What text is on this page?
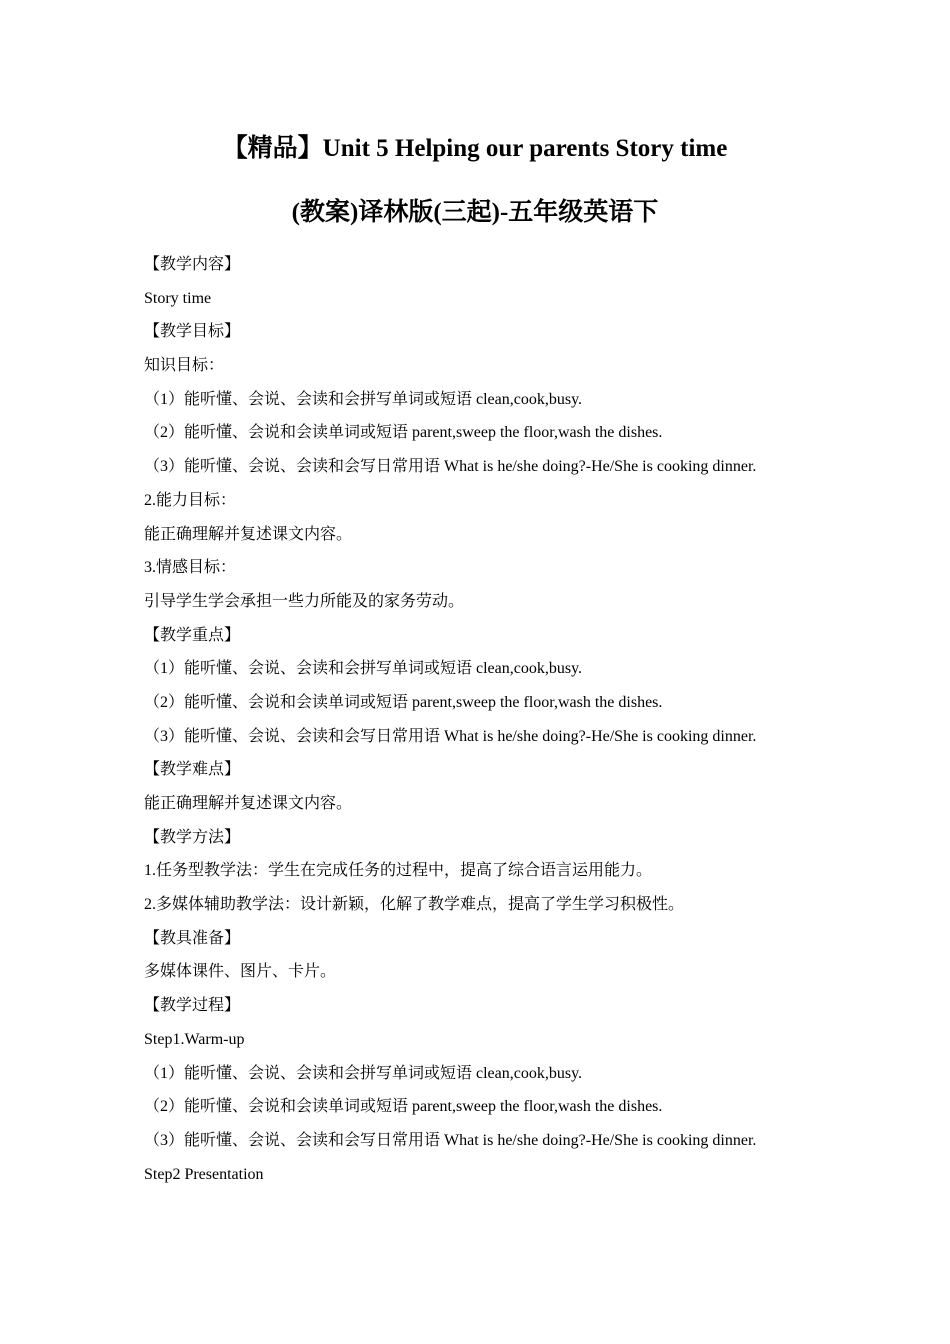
【精品】Unit 5 Helping our parents Story time
(教案)译林版(三起)-五年级英语下
【教学内容】
Story time
【教学目标】
知识目标：
（1）能听懂、会说、会读和会拼写单词或短语 clean,cook,busy.
（2）能听懂、会说和会读单词或短语 parent,sweep the floor,wash the dishes.
（3）能听懂、会说、会读和会写日常用语 What is he/she doing?-He/She is cooking dinner.
2.能力目标：
能正确理解并复述课文内容。
3.情感目标：
引导学生学会承担一些力所能及的家务劳动。
【教学重点】
（1）能听懂、会说、会读和会拼写单词或短语 clean,cook,busy.
（2）能听懂、会说和会读单词或短语 parent,sweep the floor,wash the dishes.
（3）能听懂、会说、会读和会写日常用语 What is he/she doing?-He/She is cooking dinner.
【教学难点】
能正确理解并复述课文内容。
【教学方法】
1.任务型教学法：学生在完成任务的过程中，提高了综合语言运用能力。
2.多媒体辅助教学法：设计新颖，化解了教学难点，提高了学生学习积极性。
【教具准备】
多媒体课件、图片、卡片。
【教学过程】
Step1.Warm-up
（1）能听懂、会说、会读和会拼写单词或短语 clean,cook,busy.
（2）能听懂、会说和会读单词或短语 parent,sweep the floor,wash the dishes.
（3）能听懂、会说、会读和会写日常用语 What is he/she doing?-He/She is cooking dinner.
Step2 Presentation
